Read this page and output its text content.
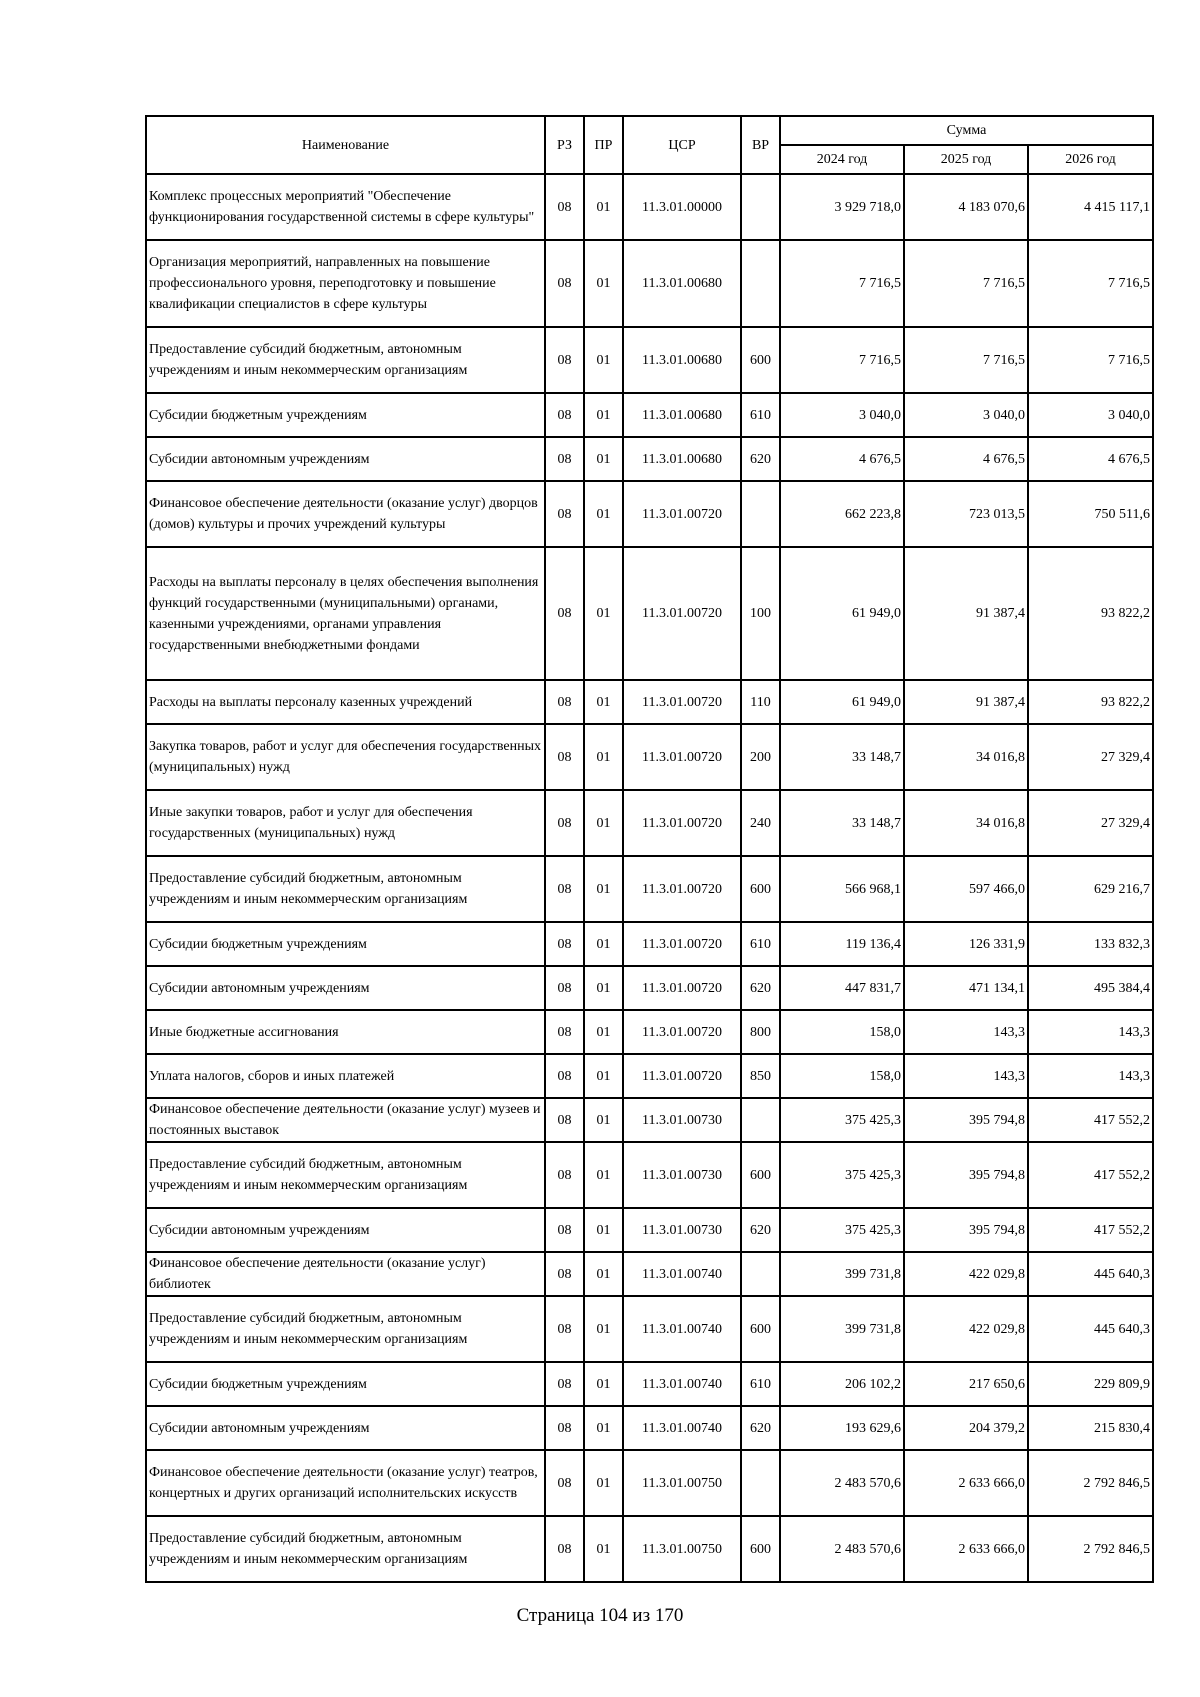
Наименование	РЗ	ПР	ЦСР	ВР	Сумма		
					2024 год	2025 год	2026 год
Комплекс процессных мероприятий "Обеспечение функционирования государственной системы в сфере культуры"	08	01	11.3.01.00000		3 929 718,0	4 183 070,6	4 415 117,1
Организация мероприятий, направленных на повышение профессионального уровня, переподготовку и повышение квалификации специалистов в сфере культуры	08	01	11.3.01.00680		7 716,5	7 716,5	7 716,5
Предоставление субсидий бюджетным, автономным учреждениям и иным некоммерческим организациям	08	01	11.3.01.00680	600	7 716,5	7 716,5	7 716,5
Субсидии бюджетным учреждениям	08	01	11.3.01.00680	610	3 040,0	3 040,0	3 040,0
Субсидии автономным учреждениям	08	01	11.3.01.00680	620	4 676,5	4 676,5	4 676,5
Финансовое обеспечение деятельности (оказание услуг) дворцов (домов) культуры и прочих учреждений культуры	08	01	11.3.01.00720		662 223,8	723 013,5	750 511,6
Расходы на выплаты персоналу в целях обеспечения выполнения функций государственными (муниципальными) органами, казенными учреждениями, органами управления государственными внебюджетными фондами	08	01	11.3.01.00720	100	61 949,0	91 387,4	93 822,2
Расходы на выплаты персоналу казенных учреждений	08	01	11.3.01.00720	110	61 949,0	91 387,4	93 822,2
Закупка товаров, работ и услуг для обеспечения государственных (муниципальных) нужд	08	01	11.3.01.00720	200	33 148,7	34 016,8	27 329,4
Иные закупки товаров, работ и услуг для обеспечения государственных (муниципальных) нужд	08	01	11.3.01.00720	240	33 148,7	34 016,8	27 329,4
Предоставление субсидий бюджетным, автономным учреждениям и иным некоммерческим организациям	08	01	11.3.01.00720	600	566 968,1	597 466,0	629 216,7
Субсидии бюджетным учреждениям	08	01	11.3.01.00720	610	119 136,4	126 331,9	133 832,3
Субсидии автономным учреждениям	08	01	11.3.01.00720	620	447 831,7	471 134,1	495 384,4
Иные бюджетные ассигнования	08	01	11.3.01.00720	800	158,0	143,3	143,3
Уплата налогов, сборов и иных платежей	08	01	11.3.01.00720	850	158,0	143,3	143,3
Финансовое обеспечение деятельности (оказание услуг) музеев и постоянных выставок	08	01	11.3.01.00730		375 425,3	395 794,8	417 552,2
Предоставление субсидий бюджетным, автономным учреждениям и иным некоммерческим организациям	08	01	11.3.01.00730	600	375 425,3	395 794,8	417 552,2
Субсидии автономным учреждениям	08	01	11.3.01.00730	620	375 425,3	395 794,8	417 552,2
Финансовое обеспечение деятельности (оказание услуг) библиотек	08	01	11.3.01.00740		399 731,8	422 029,8	445 640,3
Предоставление субсидий бюджетным, автономным учреждениям и иным некоммерческим организациям	08	01	11.3.01.00740	600	399 731,8	422 029,8	445 640,3
Субсидии бюджетным учреждениям	08	01	11.3.01.00740	610	206 102,2	217 650,6	229 809,9
Субсидии автономным учреждениям	08	01	11.3.01.00740	620	193 629,6	204 379,2	215 830,4
Финансовое обеспечение деятельности (оказание услуг) театров, концертных и других организаций исполнительских искусств	08	01	11.3.01.00750		2 483 570,6	2 633 666,0	2 792 846,5
Предоставление субсидий бюджетным, автономным учреждениям и иным некоммерческим организациям	08	01	11.3.01.00750	600	2 483 570,6	2 633 666,0	2 792 846,5
Страница 104 из 170
